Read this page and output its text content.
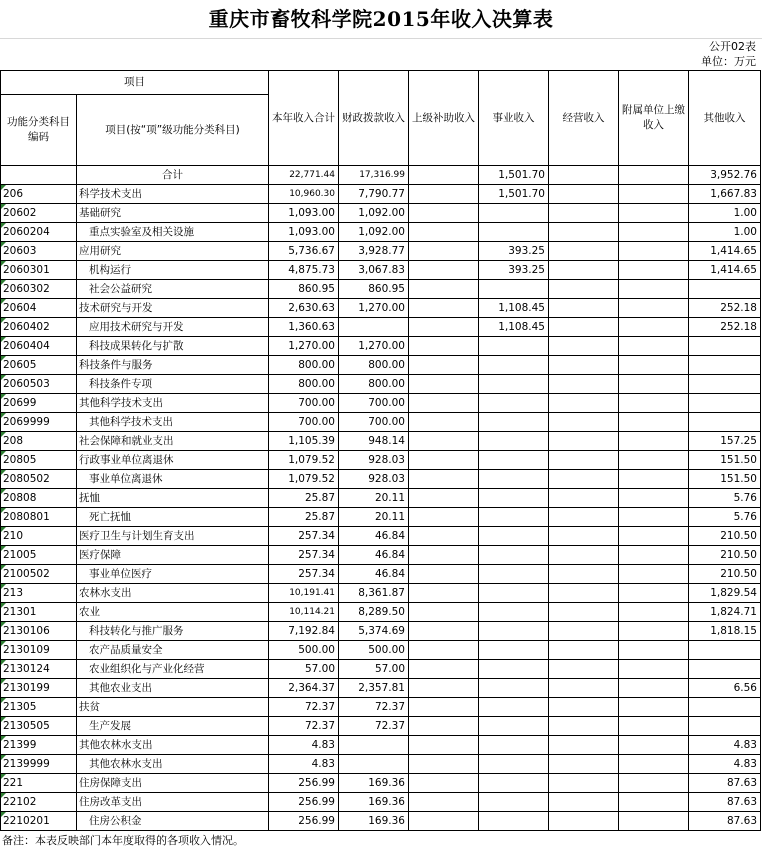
重庆市畜牧科学院2015年收入决算表
公开02表
单位：万元
项目		本年收入合计	财政拨款收入	上级补助收入	事业收入	经营收入	附属单位上缴收入	其他收入
功能分类科目编码	项目(按“项”级功能分类科目)							
	合计	22,771.44	17,316.99		1,501.70			3,952.76
206	科学技术支出	10,960.30	7,790.77		1,501.70			1,667.83
20602	基础研究	1,093.00	1,092.00					1.00
2060204	重点实验室及相关设施	1,093.00	1,092.00					1.00
20603	应用研究	5,736.67	3,928.77		393.25			1,414.65
2060301	机构运行	4,875.73	3,067.83		393.25			1,414.65
2060302	社会公益研究	860.95	860.95					
20604	技术研究与开发	2,630.63	1,270.00		1,108.45			252.18
2060402	应用技术研究与开发	1,360.63			1,108.45			252.18
2060404	科技成果转化与扩散	1,270.00	1,270.00					
20605	科技条件与服务	800.00	800.00					
2060503	科技条件专项	800.00	800.00					
20699	其他科学技术支出	700.00	700.00					
2069999	其他科学技术支出	700.00	700.00					
208	社会保障和就业支出	1,105.39	948.14					157.25
20805	行政事业单位离退休	1,079.52	928.03					151.50
2080502	事业单位离退休	1,079.52	928.03					151.50
20808	抚恤	25.87	20.11					5.76
2080801	死亡抚恤	25.87	20.11					5.76
210	医疗卫生与计划生育支出	257.34	46.84					210.50
21005	医疗保障	257.34	46.84					210.50
2100502	事业单位医疗	257.34	46.84					210.50
213	农林水支出	10,191.41	8,361.87					1,829.54
21301	农业	10,114.21	8,289.50					1,824.71
2130106	科技转化与推广服务	7,192.84	5,374.69					1,818.15
2130109	农产品质量安全	500.00	500.00					
2130124	农业组织化与产业化经营	57.00	57.00					
2130199	其他农业支出	2,364.37	2,357.81					6.56
21305	扶贫	72.37	72.37					
2130505	生产发展	72.37	72.37					
21399	其他农林水支出	4.83						4.83
2139999	其他农林水支出	4.83						4.83
221	住房保障支出	256.99	169.36					87.63
22102	住房改革支出	256.99	169.36					87.63
2210201	住房公积金	256.99	169.36					87.63
备注：本表反映部门本年度取得的各项收入情况。
